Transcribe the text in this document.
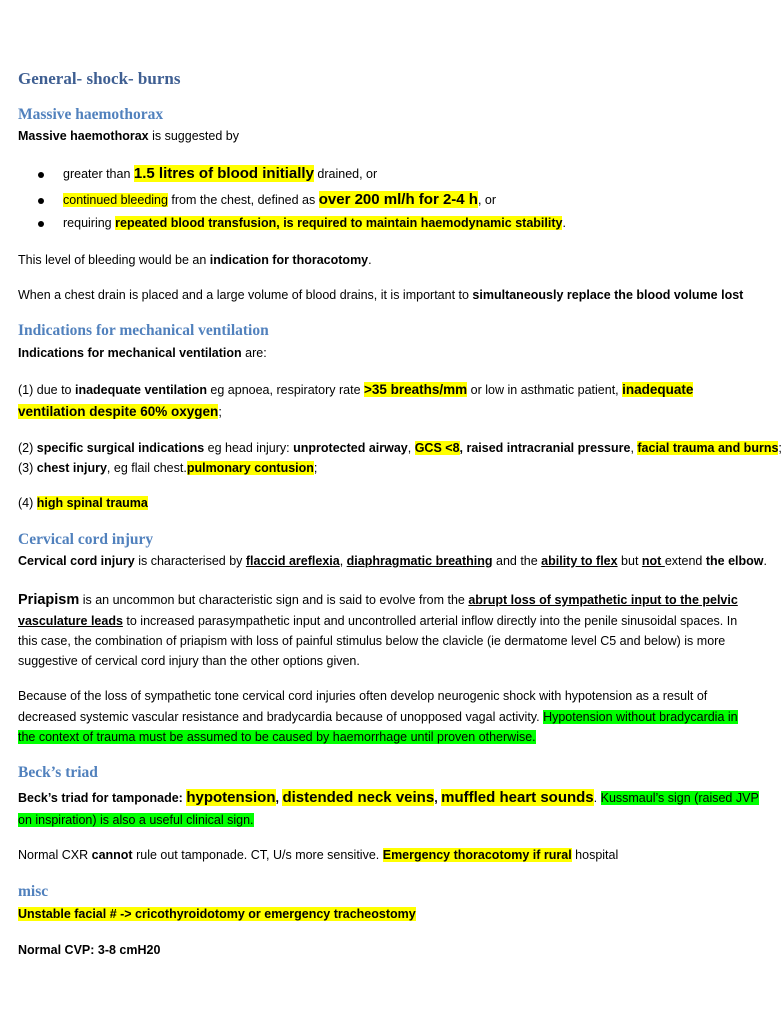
General- shock- burns
Massive haemothorax
Massive haemothorax is suggested by
greater than 1.5 litres of blood initially drained, or
continued bleeding from the chest, defined as over 200 ml/h for 2-4 h, or
requiring repeated blood transfusion, is required to maintain haemodynamic stability.
This level of bleeding would be an indication for thoracotomy.
When a chest drain is placed and a large volume of blood drains, it is important to simultaneously replace the blood volume lost
Indications for mechanical ventilation
Indications for mechanical ventilation are:
(1) due to inadequate ventilation eg apnoea, respiratory rate >35 breaths/mm or low in asthmatic patient, inadequate
ventilation despite 60% oxygen;
(2) specific surgical indications eg head injury: unprotected airway, GCS <8, raised intracranial pressure, facial trauma and burns;
(3) chest injury, eg flail chest.pulmonary contusion;
(4) high spinal trauma
Cervical cord injury
Cervical cord injury is characterised by flaccid areflexia, diaphragmatic breathing and the ability to flex but not extend the elbow.
Priapism is an uncommon but characteristic sign and is said to evolve from the abrupt loss of sympathetic input to the pelvic
vasculature leads to increased parasympathetic input and uncontrolled arterial inflow directly into the penile sinusoidal spaces. In
this case, the combination of priapism with loss of painful stimulus below the clavicle (ie dermatome level C5 and below) is more
suggestive of cervical cord injury than the other options given.
Because of the loss of sympathetic tone cervical cord injuries often develop neurogenic shock with hypotension as a result of
decreased systemic vascular resistance and bradycardia because of unopposed vagal activity. Hypotension without bradycardia in
the context of trauma must be assumed to be caused by haemorrhage until proven otherwise.
Beck’s triad
Beck’s triad for tamponade: hypotension, distended neck veins, muffled heart sounds. Kussmaul’s sign (raised JVP
on inspiration) is also a useful clinical sign.
Normal CXR cannot rule out tamponade. CT, U/s more sensitive. Emergency thoracotomy if rural hospital
misc
Unstable facial # -> cricothyroidotomy or emergency tracheostomy
Normal CVP: 3-8 cmH20
